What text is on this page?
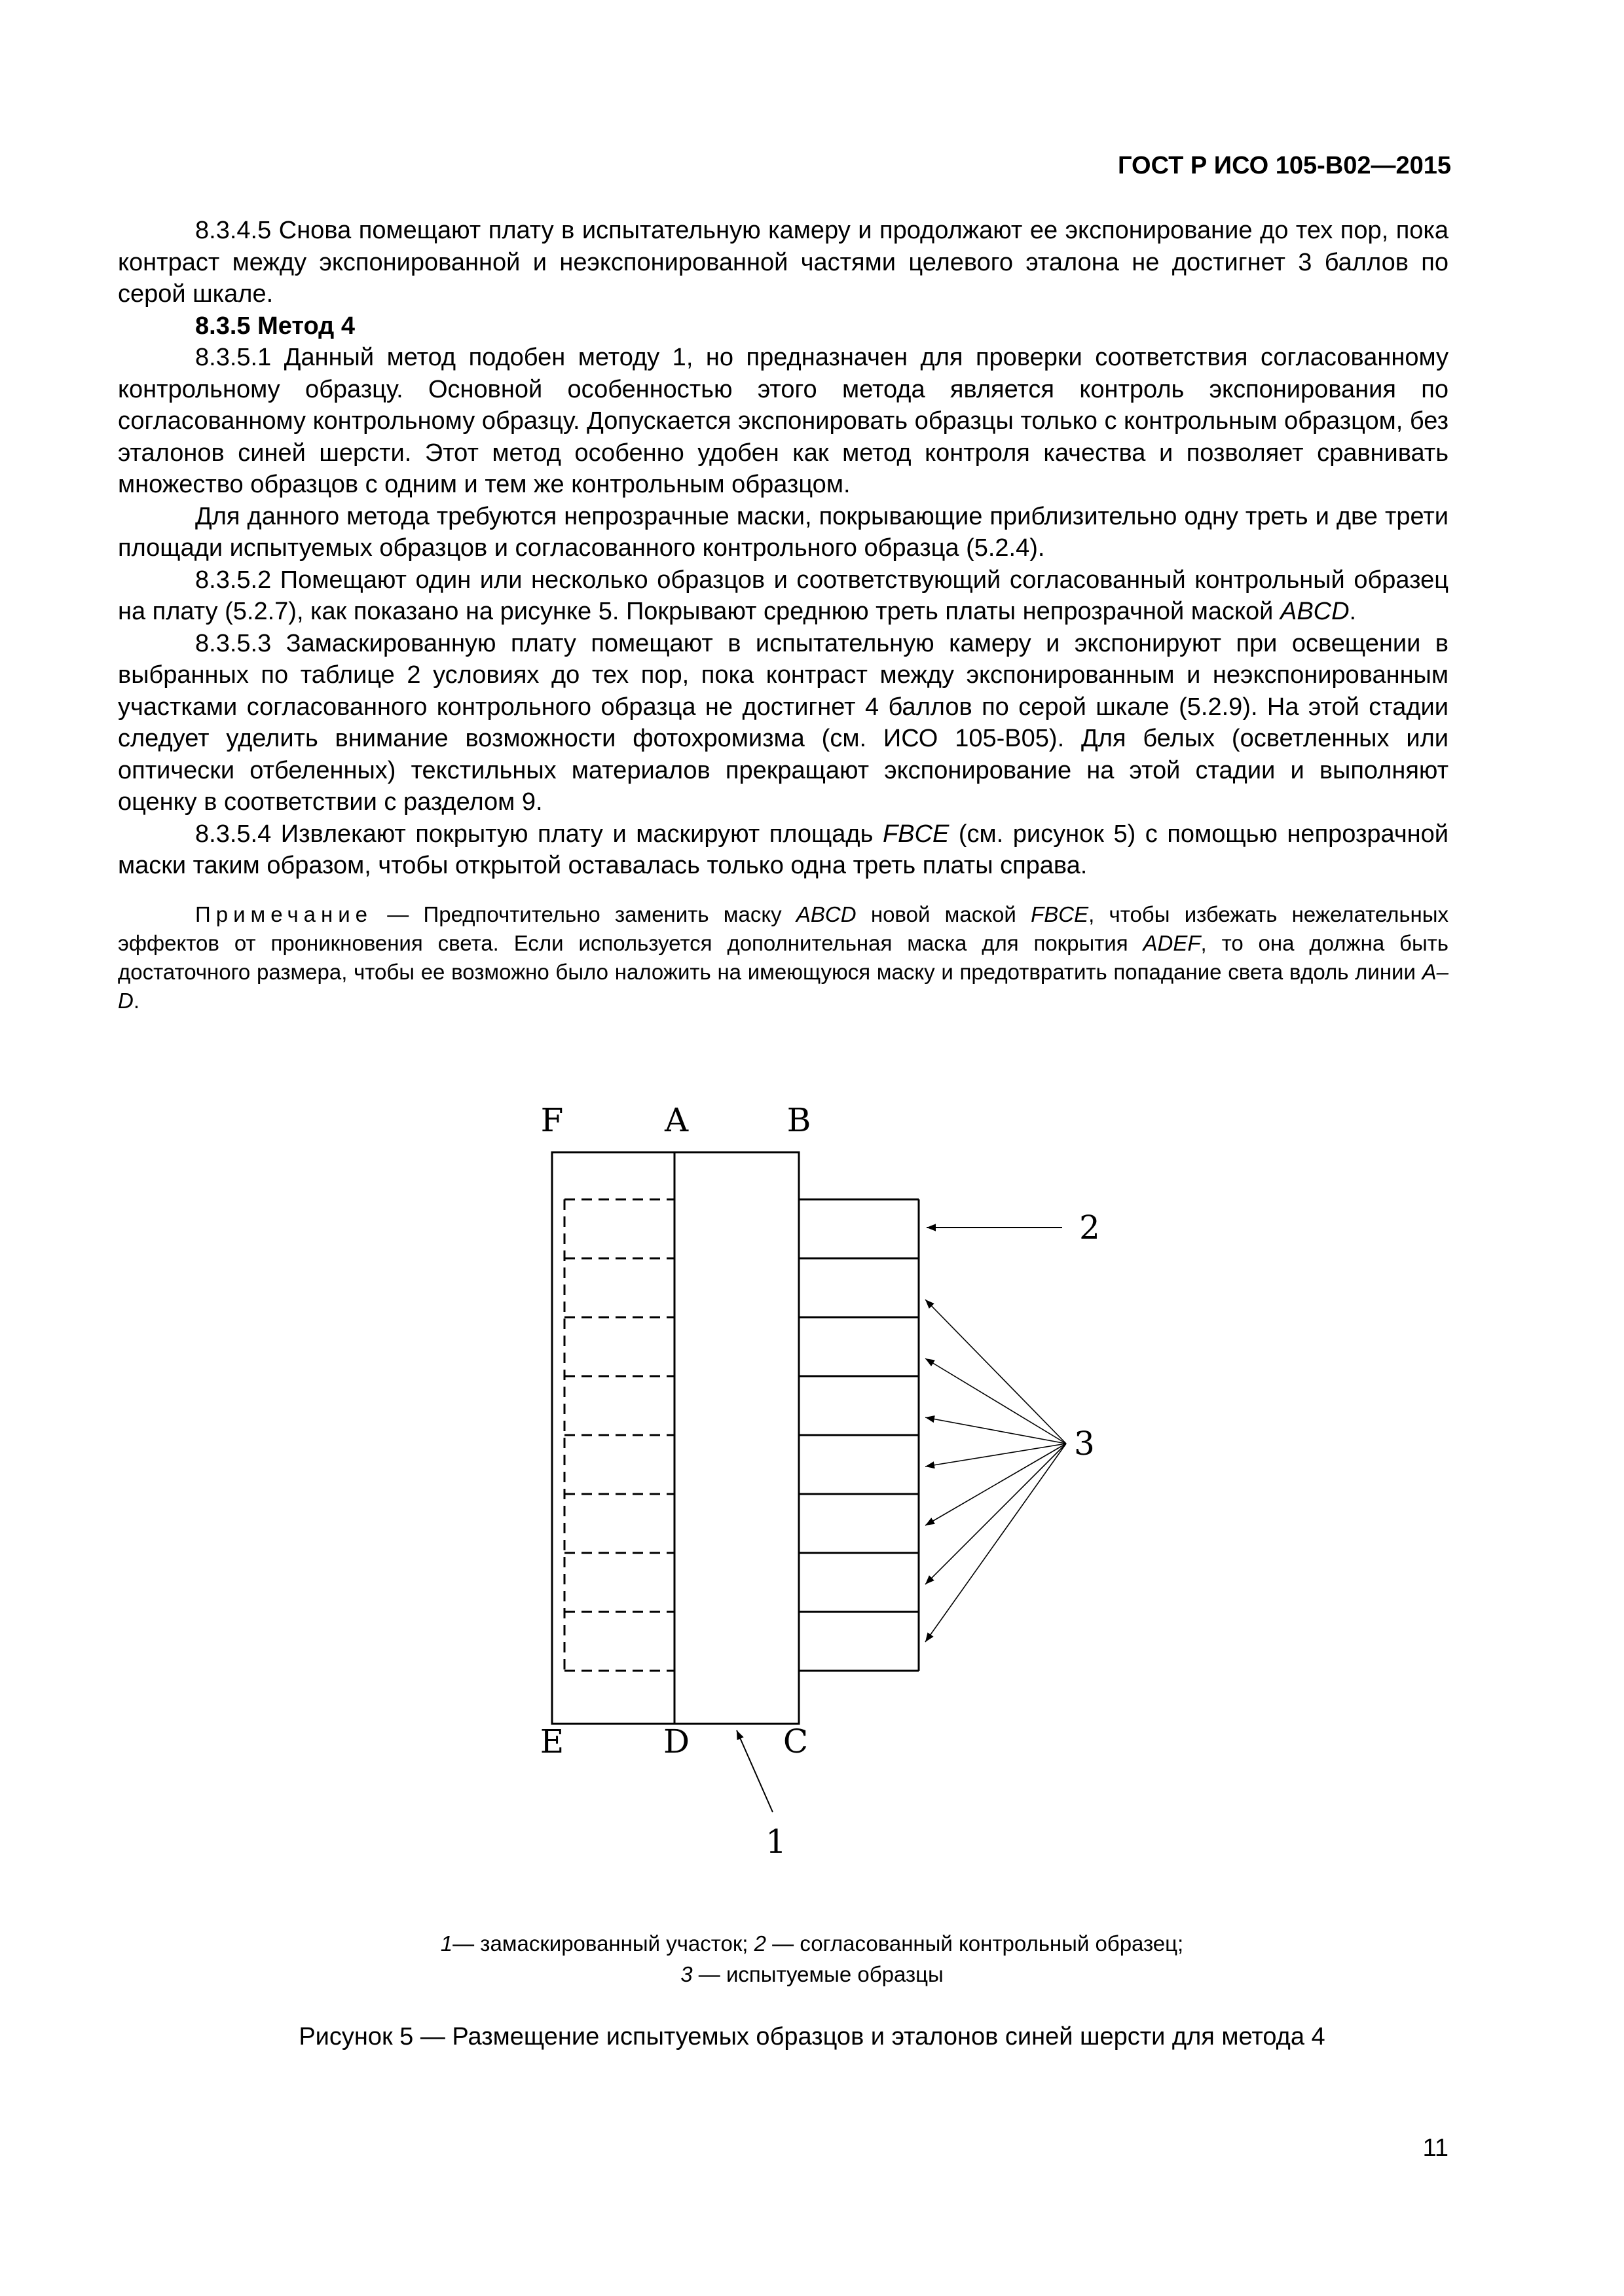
ГОСТ Р ИСО 105-B02—2015

8.3.4.5 Снова помещают плату в испытательную камеру и продолжают ее экспонирование до тех пор, пока контраст между экспонированной и неэкспонированной частями целевого эталона не достигнет 3 баллов по серой шкале.

8.3.5 Метод 4

8.3.5.1 Данный метод подобен методу 1, но предназначен для проверки соответствия согласованному контрольному образцу. Основной особенностью этого метода является контроль экспонирования по согласованному контрольному образцу. Допускается экспонировать образцы только с контрольным образцом, без эталонов синей шерсти. Этот метод особенно удобен как метод контроля качества и позволяет сравнивать множество образцов с одним и тем же контрольным образцом.

Для данного метода требуются непрозрачные маски, покрывающие приблизительно одну треть и две трети площади испытуемых образцов и согласованного контрольного образца (5.2.4).

8.3.5.2 Помещают один или несколько образцов и соответствующий согласованный контрольный образец на плату (5.2.7), как показано на рисунке 5. Покрывают среднюю треть платы непрозрачной маской ABCD.

8.3.5.3 Замаскированную плату помещают в испытательную камеру и экспонируют при освещении в выбранных по таблице 2 условиях до тех пор, пока контраст между экспонированным и неэкспонированным участками согласованного контрольного образца не достигнет 4 баллов по серой шкале (5.2.9). На этой стадии следует уделить внимание возможности фотохромизма (см. ИСО 105-B05). Для белых (осветленных или оптически отбеленных) текстильных материалов прекращают экспонирование на этой стадии и выполняют оценку в соответствии с разделом 9.

8.3.5.4 Извлекают покрытую плату и маскируют площадь FBCE (см. рисунок 5) с помощью непрозрачной маски таким образом, чтобы открытой оставалась только одна треть платы справа.

Примечание — Предпочтительно заменить маску ABCD новой маской FBCE, чтобы избежать нежелательных эффектов от проникновения света. Если используется дополнительная маска для покрытия ADEF, то она должна быть достаточного размера, чтобы ее возможно было наложить на имеющуюся маску и предотвратить попадание света вдоль линии A–D.

F	A	B
E	D	C
2
3
1
1— замаскированный участок; 2 — согласованный контрольный образец;
3 — испытуемые образцы
Рисунок 5 — Размещение испытуемых образцов и эталонов синей шерсти для метода 4
11
